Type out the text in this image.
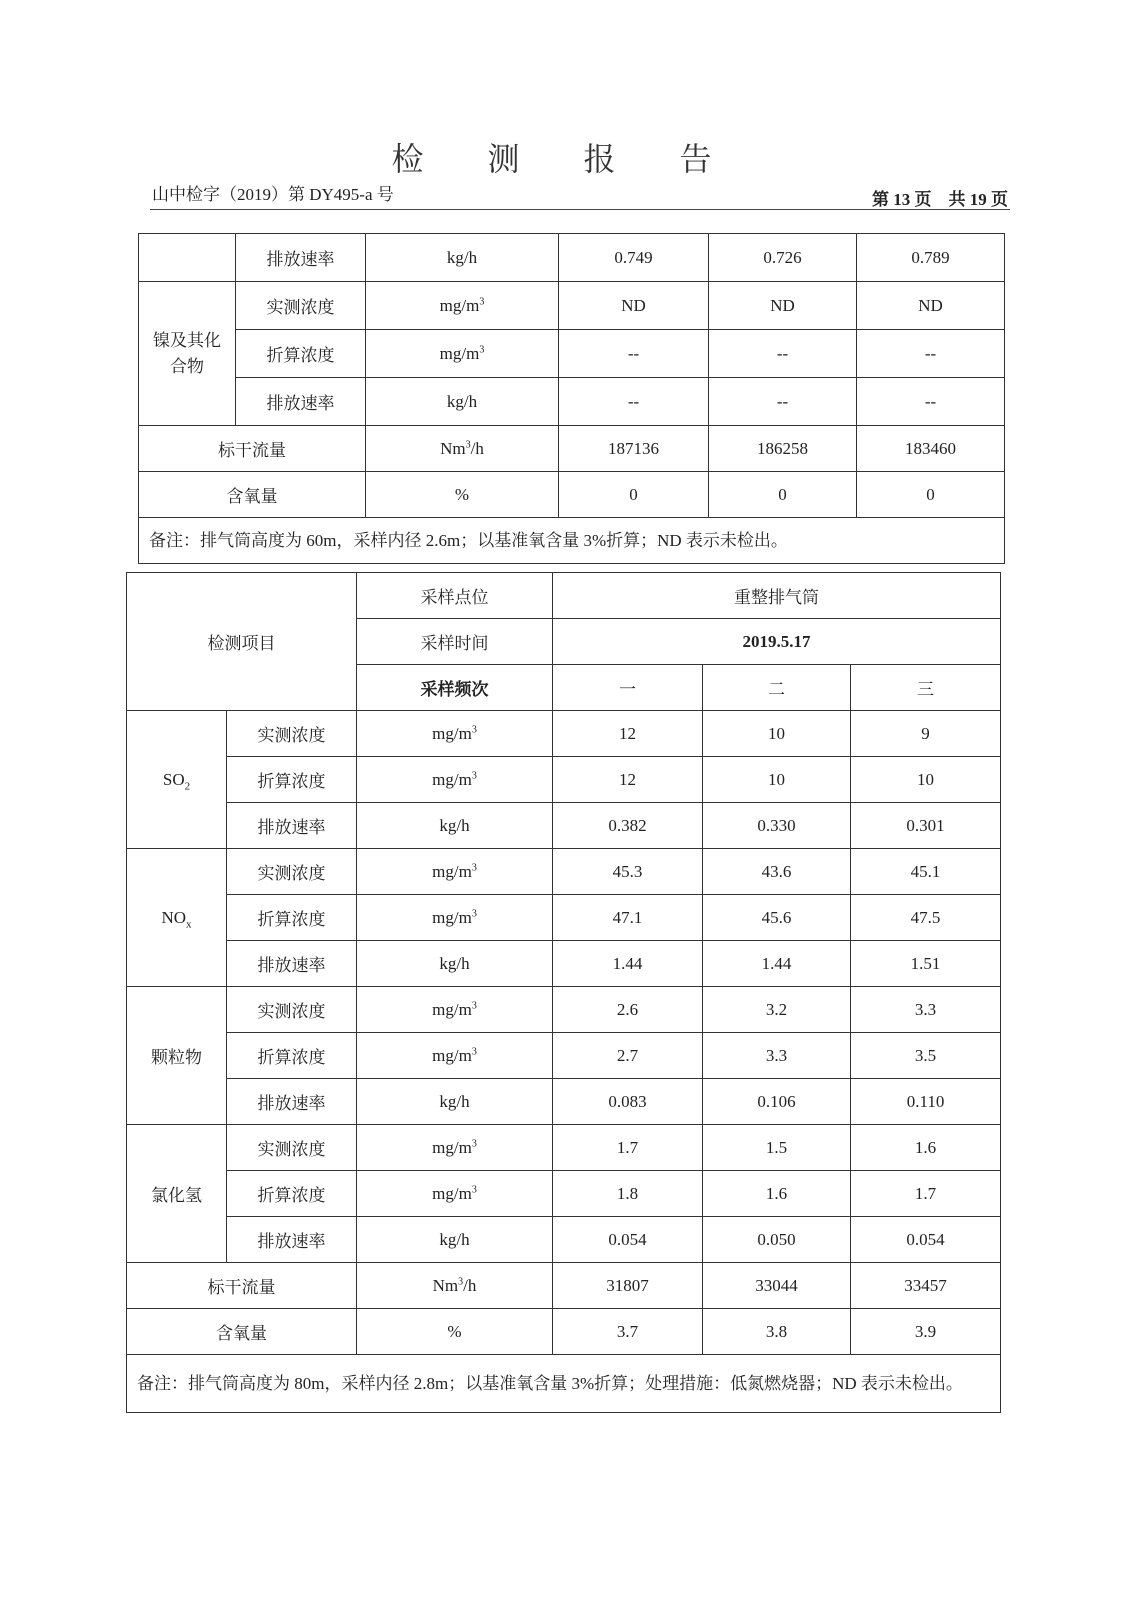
检 测 报 告
山中检字（2019）第 DY495-a 号	第 13 页　共 19 页
	排放速率	kg/h	0.749	0.726	0.789

镍及其化合物	实测浓度	$mg/m^3$	ND	ND	ND
	折算浓度	$mg/m^3$	--	--	--
	排放速率	kg/h	--	--	--
标干流量		Nm$^3$/h	187136	186258	183460
含氧量		%	0	0	0
备注：排气筒高度为 60m，采样内径 2.6m；以基准氧含量 3%折算；ND 表示未检出。					
检测项目		采样点位	重整排气筒		
		采样时间	2019.5.17		
		采样频次	一	二	三
$SO_2$	实测浓度	$mg/m^3$	12	10	9
	折算浓度	$mg/m^3$	12	10	10
	排放速率	kg/h	0.382	0.330	0.301
$NO_x$	实测浓度	$mg/m^3$	45.3	43.6	45.1
	折算浓度	$mg/m^3$	47.1	45.6	47.5
	排放速率	kg/h	1.44	1.44	1.51
颗粒物	实测浓度	$mg/m^3$	2.6	3.2	3.3
	折算浓度	$mg/m^3$	2.7	3.3	3.5
	排放速率	kg/h	0.083	0.106	0.110
氯化氢	实测浓度	$mg/m^3$	1.7	1.5	1.6
	折算浓度	$mg/m^3$	1.8	1.6	1.7
	排放速率	kg/h	0.054	0.050	0.054
标干流量		Nm$^3$/h	31807	33044	33457
含氧量		%	3.7	3.8	3.9
备注：排气筒高度为 80m，采样内径 2.8m；以基准氧含量 3%折算；处理措施：低氮燃烧器；ND 表示未检出。					
